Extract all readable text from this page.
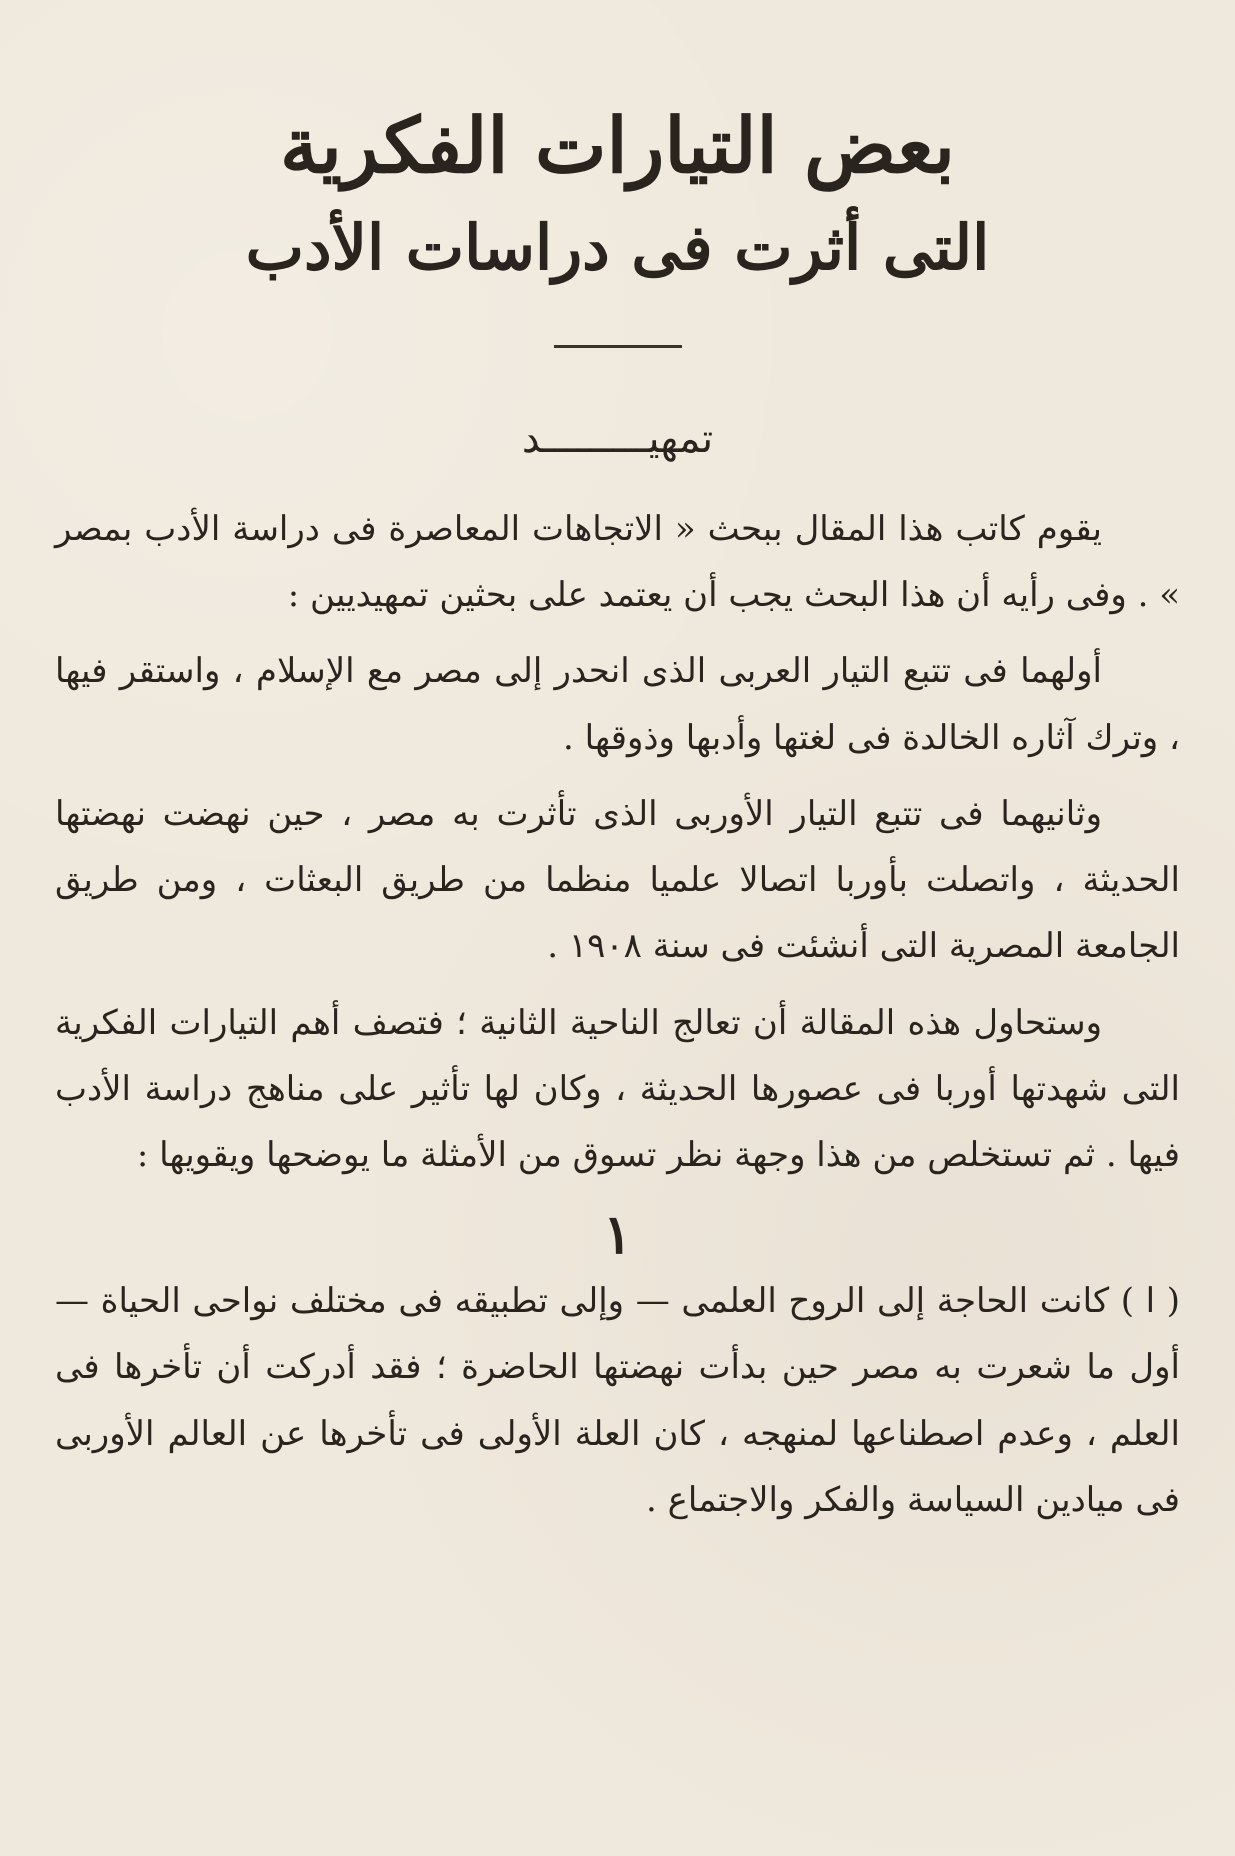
بعض التيارات الفكرية
التى أثرت فى دراسات الأدب
تمهيـــــــــد

يقوم كاتب هذا المقال ببحث « الاتجاهات المعاصرة فى دراسة الأدب بمصر » . وفى رأيه أن هذا البحث يجب أن يعتمد على بحثين تمهيديين :

أولهما فى تتبع التيار العربى الذى انحدر إلى مصر مع الإسلام ، واستقر فيها ، وترك آثاره الخالدة فى لغتها وأدبها وذوقها .

وثانيهما فى تتبع التيار الأوربى الذى تأثرت به مصر ، حين نهضت نهضتها الحديثة ، واتصلت بأوربا اتصالا علميا منظما من طريق البعثات ، ومن طريق الجامعة المصرية التى أنشئت فى سنة ١٩٠٨ .

وستحاول هذه المقالة أن تعالج الناحية الثانية ؛ فتصف أهم التيارات الفكرية التى شهدتها أوربا فى عصورها الحديثة ، وكان لها تأثير على مناهج دراسة الأدب فيها . ثم تستخلص من هذا وجهة نظر تسوق من الأمثلة ما يوضحها ويقويها :

١

( ا ) كانت الحاجة إلى الروح العلمى — وإلى تطبيقه فى مختلف نواحى الحياة — أول ما شعرت به مصر حين بدأت نهضتها الحاضرة ؛ فقد أدركت أن تأخرها فى العلم ، وعدم اصطناعها لمنهجه ، كان العلة الأولى فى تأخرها عن العالم الأوربى فى ميادين السياسة والفكر والاجتماع .
